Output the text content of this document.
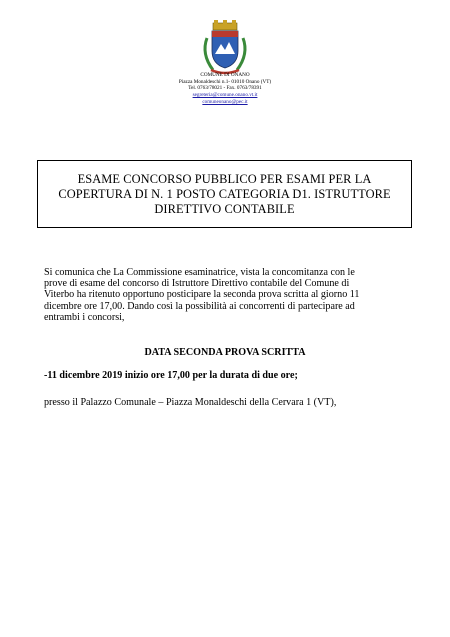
COMUNE DI ONANO
Piazza Monaldeschi n.1- 01010 Onano (VT)
Tel. 0763/78021 - Fax. 0763/78391
segreteria@comune.onano.vt.it
comuneonano@pec.it
ESAME CONCORSO PUBBLICO PER ESAMI PER LA
COPERTURA DI N. 1 POSTO CATEGORIA D1. ISTRUTTORE
DIRETTIVO CONTABILE
Si comunica che La Commissione esaminatrice, vista la concomitanza con le
prove di esame del concorso di Istruttore Direttivo contabile del Comune di
Viterbo ha ritenuto opportuno posticipare la seconda prova scritta al giorno 11
dicembre ore 17,00. Dando così la possibilità ai concorrenti di partecipare ad
entrambi i concorsi,
DATA SECONDA PROVA SCRITTA
-11 dicembre 2019 inizio ore 17,00 per la durata di due ore;
presso il Palazzo Comunale – Piazza Monaldeschi della Cervara 1 (VT),
